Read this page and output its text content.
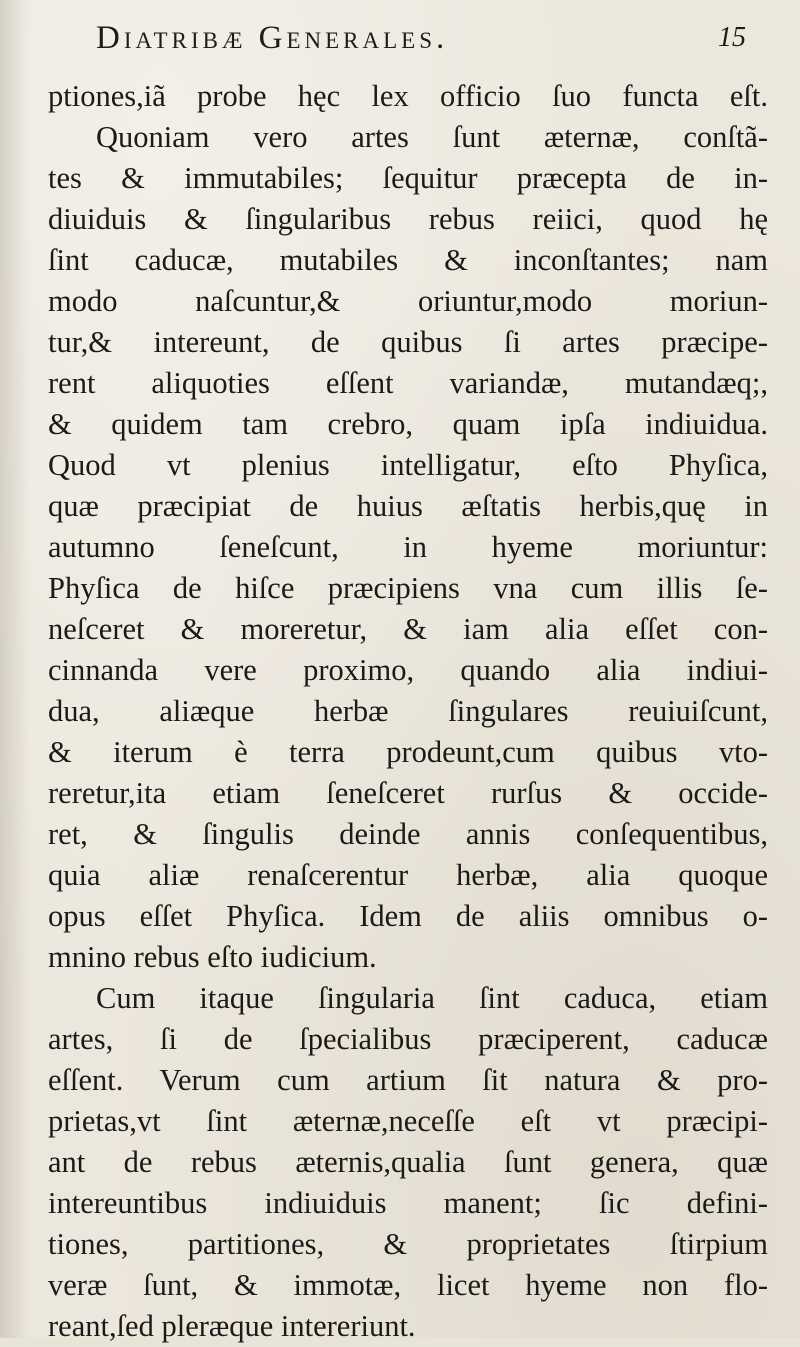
Diatribæ Generales.	15
ptiones,iã probe hęc lex officio ſuo functa eſt.
Quoniam vero artes ſunt æternæ, conſtã-
tes & immutabiles; ſequitur præcepta de in-
diuiduis & ſingularibus rebus reiici, quod hę
ſint caducæ, mutabiles & inconſtantes; nam
modo naſcuntur,& oriuntur,modo moriun-
tur,& intereunt, de quibus ſi artes præcipe-
rent aliquoties eſſent variandæ, mutandæq;,
& quidem tam crebro, quam ipſa indiuidua.
Quod vt plenius intelligatur, eſto Phyſica,
quæ præcipiat de huius æſtatis herbis,quę in
autumno ſeneſcunt, in hyeme moriuntur:
Phyſica de hiſce præcipiens vna cum illis ſe-
neſceret & moreretur, & iam alia eſſet con-
cinnanda vere proximo, quando alia indiui-
dua, aliæque herbæ ſingulares reuiuiſcunt,
& iterum è terra prodeunt,cum quibus vto-
reretur,ita etiam ſeneſceret rurſus & occide-
ret, & ſingulis deinde annis conſequentibus,
quia aliæ renaſcerentur herbæ, alia quoque
opus eſſet Phyſica. Idem de aliis omnibus o-
mnino rebus eſto iudicium.
Cum itaque ſingularia ſint caduca, etiam
artes, ſi de ſpecialibus præciperent, caducæ
eſſent. Verum cum artium ſit natura & pro-
prietas,vt ſint æternæ,neceſſe eſt vt præcipi-
ant de rebus æternis,qualia ſunt genera, quæ
intereuntibus indiuiduis manent; ſic defini-
tiones, partitiones, & proprietates ſtirpium
veræ ſunt, & immotæ, licet hyeme non flo-
reant,ſed pleræque intereriunt.
